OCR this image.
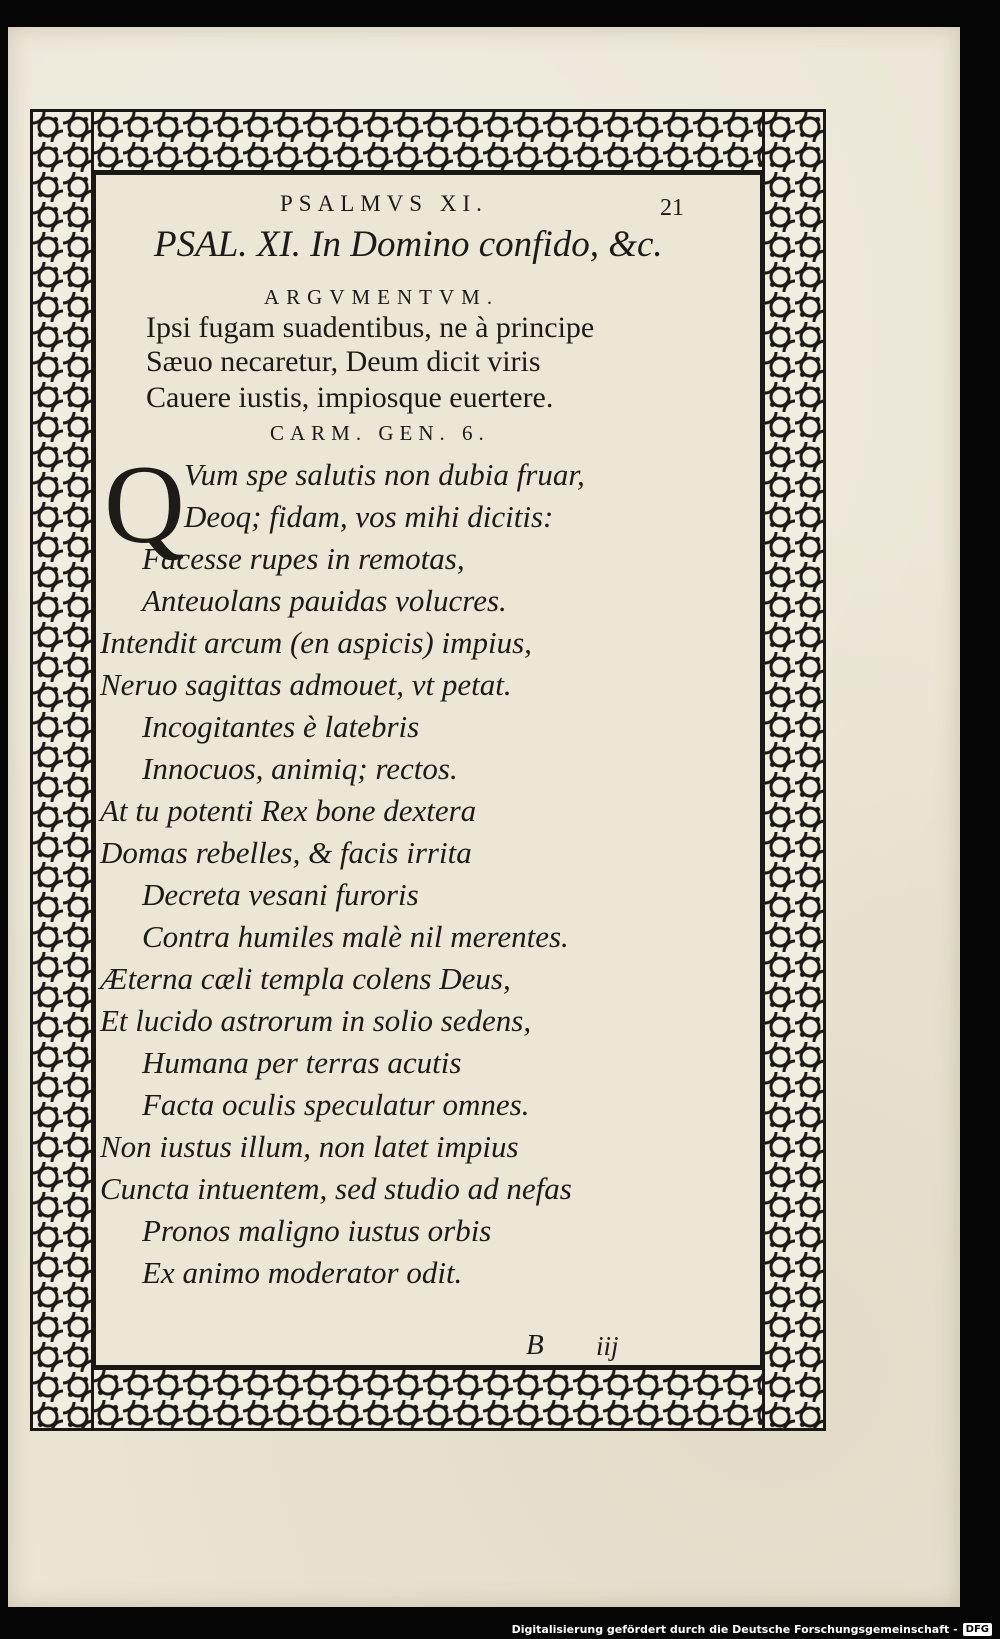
PSALMVS XI.	21
PSAL. XI. In Domino confido, &c.
ARGVMENTVM.
Ipsi fugam suadentibus, ne à principe
Sæuo necaretur, Deum dicit viris
Cauere iustis, impiosque euertere.
CARM. GEN. 6.
Q Vum spe salutis non dubia fruar,
Deoq; fidam, vos mihi dicitis:
Facesse rupes in remotas,
Anteuolans pauidas volucres.
Intendit arcum (en aspicis) impius,
Neruo sagittas admouet, vt petat.
Incogitantes è latebris
Innocuos, animiq; rectos.
At tu potenti Rex bone dextera
Domas rebelles, & facis irrita
Decreta vesani furoris
Contra humiles malè nil merentes.
Æterna cæli templa colens Deus,
Et lucido astrorum in solio sedens,
Humana per terras acutis
Facta oculis speculatur omnes.
Non iustus illum, non latet impius
Cuncta intuentem, sed studio ad nefas
Pronos maligno iustus orbis
Ex animo moderator odit.
B iij
Digitalisierung gefördert durch die Deutsche Forschungsgemeinschaft - DFG
